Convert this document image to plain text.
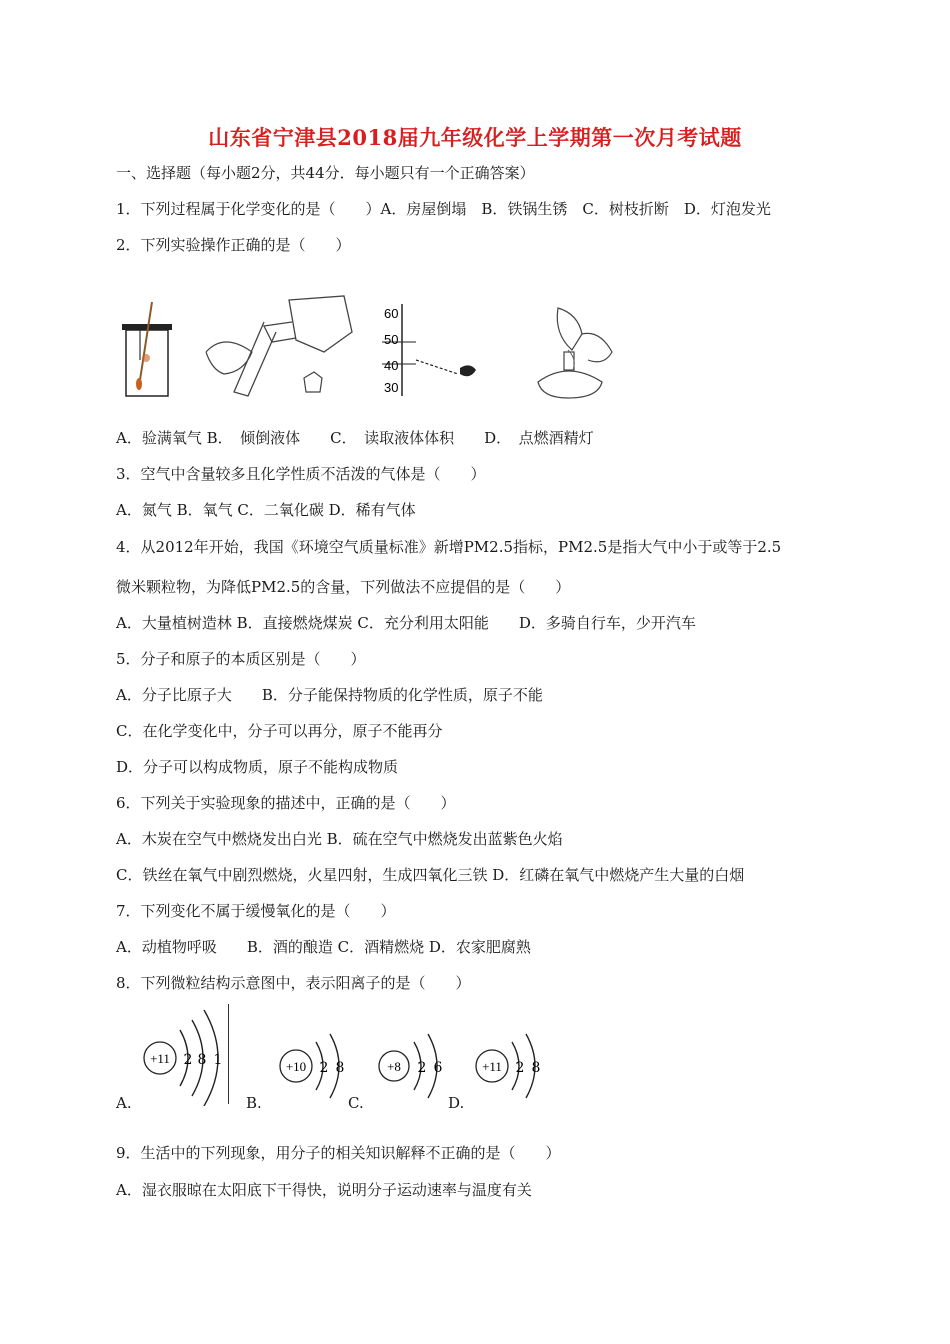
山东省宁津县2018届九年级化学上学期第一次月考试题
一、选择题（每小题2分，共44分．每小题只有一个正确答案）
1．下列过程属于化学变化的是（　　）A．房屋倒塌　B．铁锅生锈　C．树枝折断　D．灯泡发光
2．下列实验操作正确的是（　　）
60
50
40
30
A．验满氧气 B．　倾倒液体　　C．　读取液体体积　　D．　点燃酒精灯
3．空气中含量较多且化学性质不活泼的气体是（　　）
A．氮气 B．氧气 C．二氧化碳 D．稀有气体
4．从2012年开始，我国《环境空气质量标准》新增PM2.5指标，PM2.5是指大气中小于或等于2.5
微米颗粒物，为降低PM2.5的含量，下列做法不应提倡的是（　　）
A．大量植树造林 B．直接燃烧煤炭 C．充分利用太阳能　　D．多骑自行车，少开汽车
5．分子和原子的本质区别是（　　）
A．分子比原子大　　B．分子能保持物质的化学性质，原子不能
C．在化学变化中，分子可以再分，原子不能再分
D．分子可以构成物质，原子不能构成物质
6．下列关于实验现象的描述中，正确的是（　　）
A．木炭在空气中燃烧发出白光 B．硫在空气中燃烧发出蓝紫色火焰
C．铁丝在氧气中剧烈燃烧，火星四射，生成四氧化三铁 D．红磷在氧气中燃烧产生大量的白烟
7．下列变化不属于缓慢氧化的是（　　）
A．动植物呼吸　　B．酒的酿造 C．酒精燃烧 D．农家肥腐熟
8．下列微粒结构示意图中，表示阳离子的是（　　）
+11 2 8 1	+10 2 8	+8 2 6	+11 2 8
A.	B.	C.	D.
9．生活中的下列现象，用分子的相关知识解释不正确的是（　　）
A．湿衣服晾在太阳底下干得快，说明分子运动速率与温度有关
